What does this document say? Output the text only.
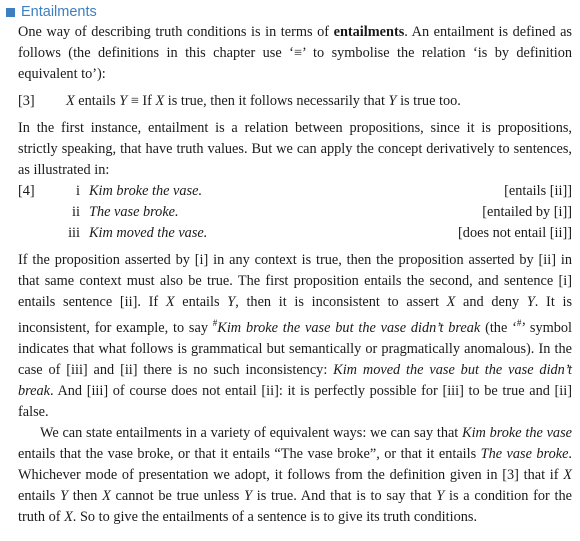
Entailments

One way of describing truth conditions is in terms of entailments. An entailment is defined as follows (the definitions in this chapter use ‘≡’ to symbolise the relation ‘is by definition equivalent to’):

[3]	X entails Y ≡ If X is true, then it follows necessarily that Y is true too.

In the first instance, entailment is a relation between propositions, since it is propositions, strictly speaking, that have truth values. But we can apply the concept derivatively to sentences, as illustrated in:

[4]	i Kim broke the vase.	[entails [ii]]
ii The vase broke.	[entailed by [i]]
iii Kim moved the vase.	[does not entail [ii]]

If the proposition asserted by [i] in any context is true, then the proposition asserted by [ii] in that same context must also be true. The first proposition entails the second, and sentence [i] entails sentence [ii]. If X entails Y, then it is inconsistent to assert X and deny Y. It is inconsistent, for example, to say #Kim broke the vase but the vase didn’t break (the ‘#’ symbol indicates that what follows is grammatical but semantically or pragmatically anomalous). In the case of [iii] and [ii] there is no such inconsistency: Kim moved the vase but the vase didn’t break. And [iii] of course does not entail [ii]: it is perfectly possible for [iii] to be true and [ii] false.

We can state entailments in a variety of equivalent ways: we can say that Kim broke the vase entails that the vase broke, or that it entails “The vase broke”, or that it entails The vase broke. Whichever mode of presentation we adopt, it follows from the definition given in [3] that if X entails Y then X cannot be true unless Y is true. And that is to say that Y is a condition for the truth of X. So to give the entailments of a sentence is to give its truth conditions.
